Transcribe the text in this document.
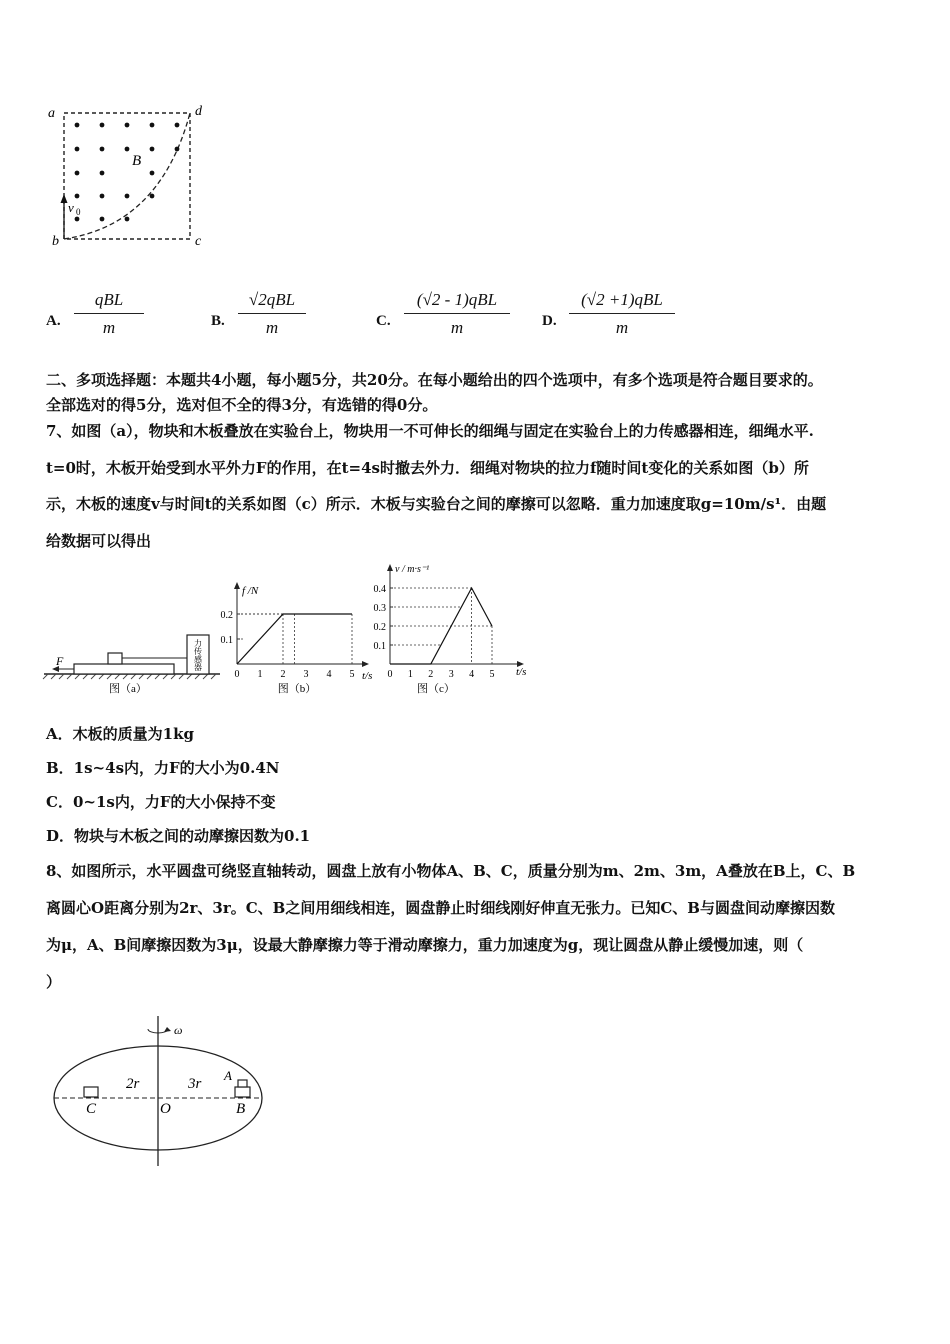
a	d
b	c
B
v 0
A.
qBL
m	B.
√2qBL
m	C.
(√2 - 1)qBL
m	D.
(√2 +1)qBL
m
二、多项选择题：本题共4小题，每小题5分，共20分。在每小题给出的四个选项中，有多个选项是符合题目要求的。
全部选对的得5分，选对但不全的得3分，有选错的得0分。
7、如图（a），物块和木板叠放在实验台上，物块用一不可伸长的细绳与固定在实验台上的力传感器相连，细绳水平.
t=0时，木板开始受到水平外力F的作用，在t=4s时撤去外力．细绳对物块的拉力f随时间t变化的关系如图（b）所
示，木板的速度v与时间t的关系如图（c）所示．木板与实验台之间的摩擦可以忽略．重力加速度取g=10m/s¹．由题
给数据可以得出
F
力
传
感
器
图（a）
f /N
t/s
图（b）
0 1 2 3 4 5
0.2
0.1
v / m·s⁻¹
t/s
图（c）
0 1 2 3 4 5
0.4
0.3
0.2
0.1
A．木板的质量为1kg
B．1s~4s内，力F的大小为0.4N
C．0~1s内，力F的大小保持不变
D．物块与木板之间的动摩擦因数为0.1
8、如图所示，水平圆盘可绕竖直轴转动，圆盘上放有小物体A、B、C，质量分别为m、2m、3m，A叠放在B上，C、B
离圆心O距离分别为2r、3r。C、B之间用细线相连，圆盘静止时细线刚好伸直无张力。已知C、B与圆盘间动摩擦因数
为μ，A、B间摩擦因数为3μ，设最大静摩擦力等于滑动摩擦力，重力加速度为g，现让圆盘从静止缓慢加速，则（
）
ω
C	O	B
A
2r	3r
